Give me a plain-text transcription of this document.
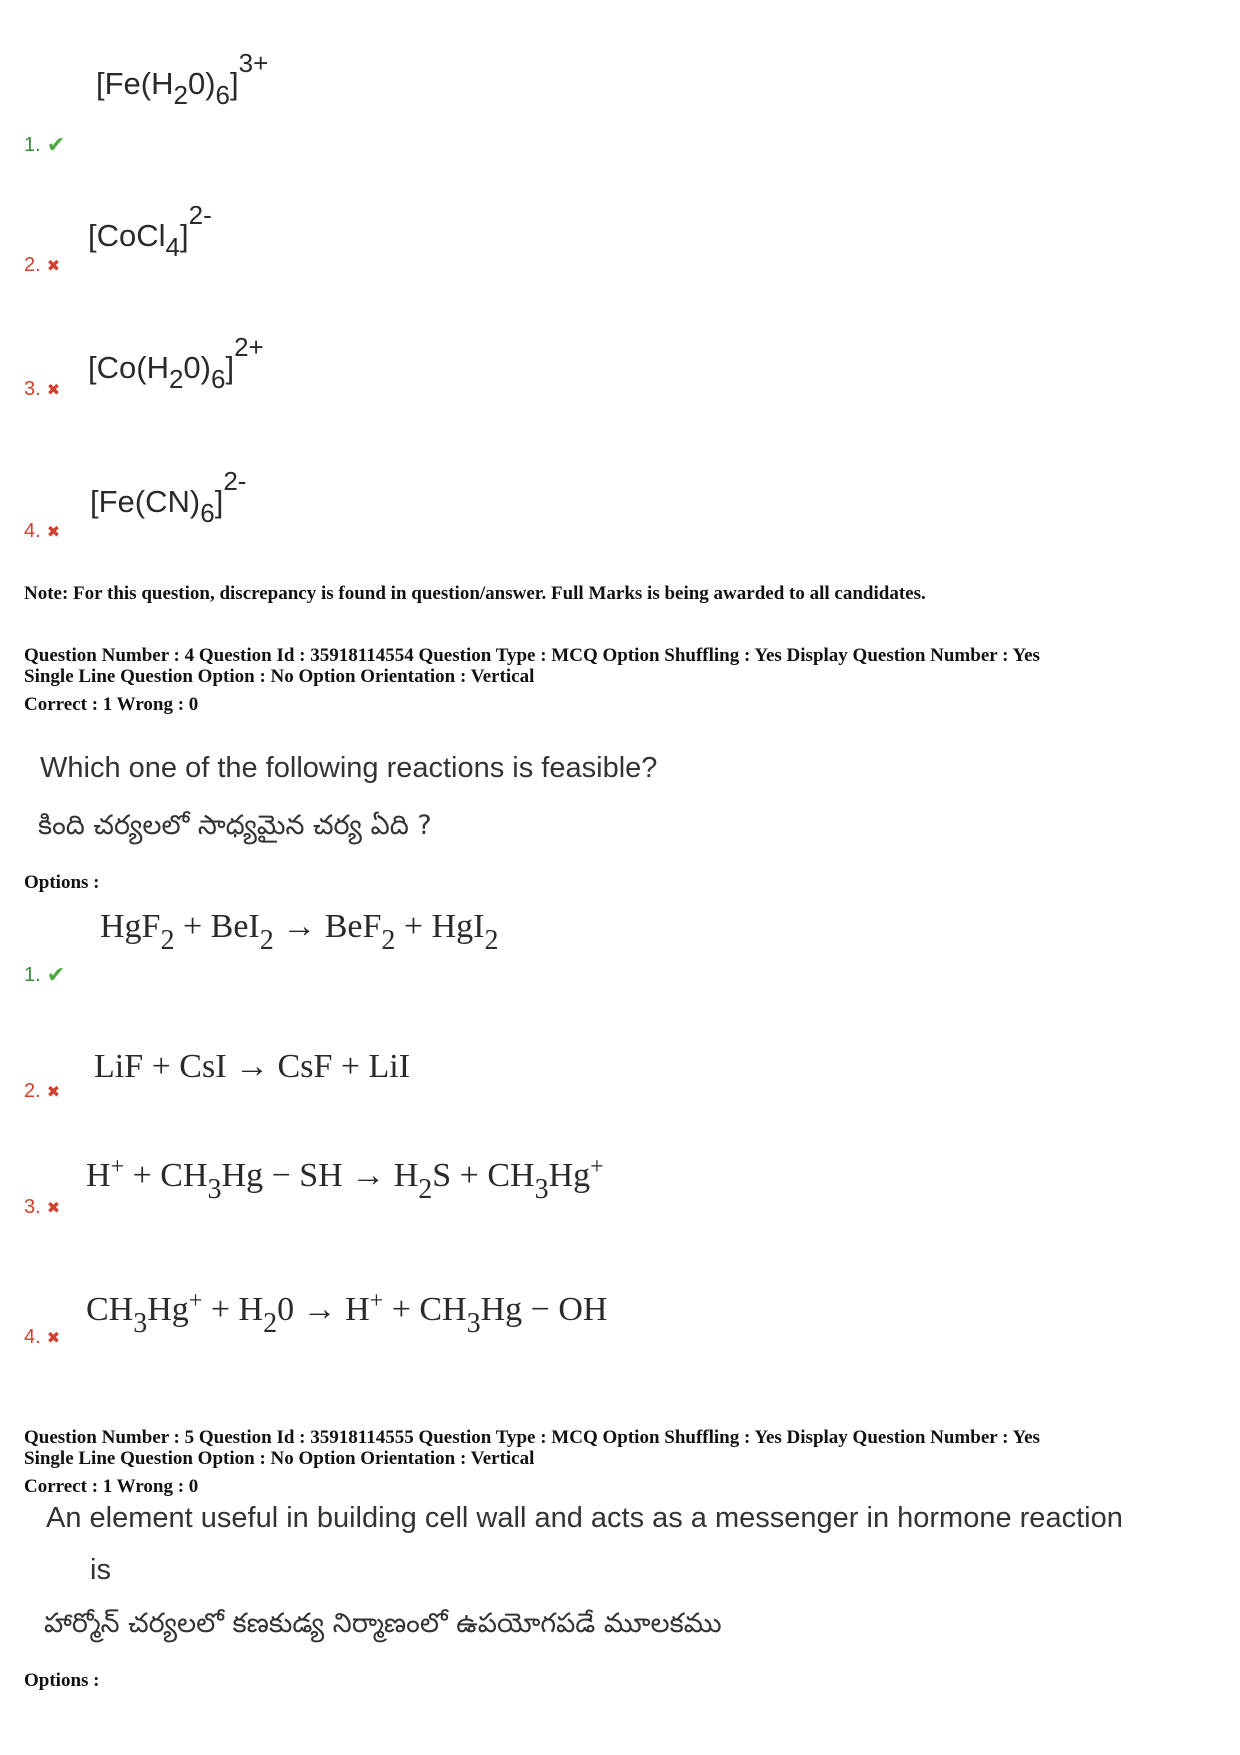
$[Fe(H_20)_6]^{3+}$
1. ✔
[CoCl$_4$]$^{2-}$
2. ✖
$[Co(H_20)_6]^{2+}$
3. ✖
$[Fe(CN)_6]^{2-}$
4. ✖
Note: For this question, discrepancy is found in question/answer. Full Marks is being awarded to all candidates.
Question Number : 4 Question Id : 35918114554 Question Type : MCQ Option Shuffling : Yes Display Question Number : Yes
Single Line Question Option : No Option Orientation : Vertical
Correct : 1 Wrong : 0
Which one of the following reactions is feasible?
కింది చర్యలలో సాధ్యమైన చర్య ఏది ?
Options :
HgF$_2$ + BeI$_2$ → BeF$_2$ + HgI$_2$
1. ✔
LiF + CsI → CsF + LiI
2. ✖
$H^+ + CH_3Hg$ − SH → $H_2S + CH_3Hg^+$
3. ✖
$CH_3Hg^+ + H_20 \to H^+ + CH_3Hg$ − OH
4. ✖
Question Number : 5 Question Id : 35918114555 Question Type : MCQ Option Shuffling : Yes Display Question Number : Yes
Single Line Question Option : No Option Orientation : Vertical
Correct : 1 Wrong : 0
An element useful in building cell wall and acts as a messenger in hormone reaction
is
హార్మోన్ చర్యలలో కణకుడ్య నిర్మాణంలో ఉపయోగపడే మూలకము
Options :
